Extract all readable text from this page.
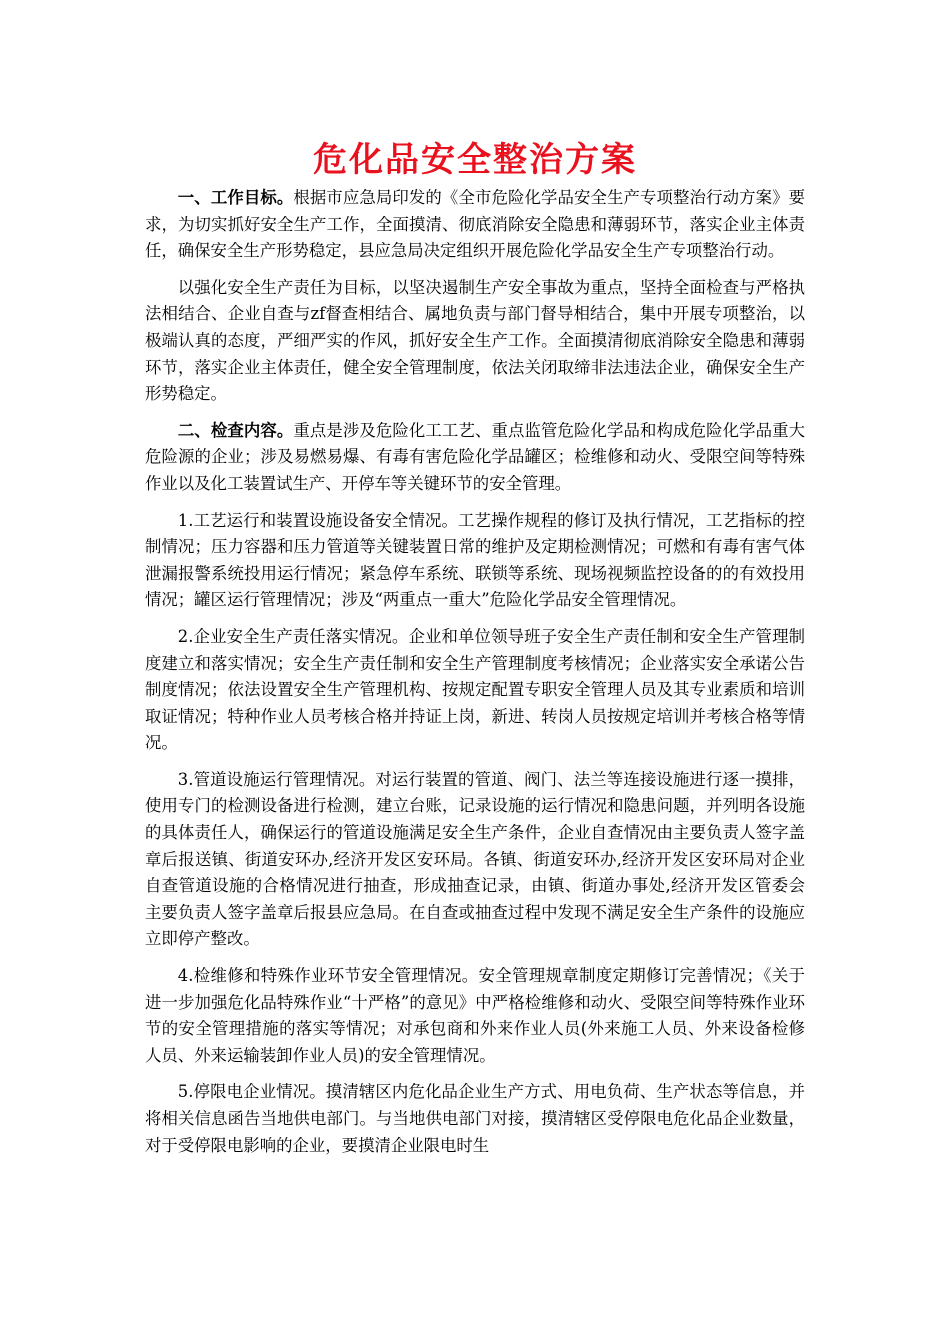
危化品安全整治方案

一、工作目标。根据市应急局印发的《全市危险化学品安全生产专项整治行动方案》要求，为切实抓好安全生产工作，全面摸清、彻底消除安全隐患和薄弱环节，落实企业主体责任，确保安全生产形势稳定，县应急局决定组织开展危险化学品安全生产专项整治行动。

以强化安全生产责任为目标，以坚决遏制生产安全事故为重点，坚持全面检查与严格执法相结合、企业自查与zf督查相结合、属地负责与部门督导相结合，集中开展专项整治，以极端认真的态度，严细严实的作风，抓好安全生产工作。全面摸清彻底消除安全隐患和薄弱环节，落实企业主体责任，健全安全管理制度，依法关闭取缔非法违法企业，确保安全生产形势稳定。

二、检查内容。重点是涉及危险化工工艺、重点监管危险化学品和构成危险化学品重大危险源的企业；涉及易燃易爆、有毒有害危险化学品罐区；检维修和动火、受限空间等特殊作业以及化工装置试生产、开停车等关键环节的安全管理。

1.工艺运行和装置设施设备安全情况。工艺操作规程的修订及执行情况，工艺指标的控制情况；压力容器和压力管道等关键装置日常的维护及定期检测情况；可燃和有毒有害气体泄漏报警系统投用运行情况；紧急停车系统、联锁等系统、现场视频监控设备的的有效投用情况；罐区运行管理情况；涉及“两重点一重大”危险化学品安全管理情况。

2.企业安全生产责任落实情况。企业和单位领导班子安全生产责任制和安全生产管理制度建立和落实情况；安全生产责任制和安全生产管理制度考核情况；企业落实安全承诺公告制度情况；依法设置安全生产管理机构、按规定配置专职安全管理人员及其专业素质和培训取证情况；特种作业人员考核合格并持证上岗，新进、转岗人员按规定培训并考核合格等情况。

3.管道设施运行管理情况。对运行装置的管道、阀门、法兰等连接设施进行逐一摸排，使用专门的检测设备进行检测，建立台账，记录设施的运行情况和隐患问题，并列明各设施的具体责任人，确保运行的管道设施满足安全生产条件，企业自查情况由主要负责人签字盖章后报送镇、街道安环办,经济开发区安环局。各镇、街道安环办,经济开发区安环局对企业自查管道设施的合格情况进行抽查，形成抽查记录，由镇、街道办事处,经济开发区管委会主要负责人签字盖章后报县应急局。在自查或抽查过程中发现不满足安全生产条件的设施应立即停产整改。

4.检维修和特殊作业环节安全管理情况。安全管理规章制度定期修订完善情况；《关于进一步加强危化品特殊作业“十严格”的意见》中严格检维修和动火、受限空间等特殊作业环节的安全管理措施的落实等情况；对承包商和外来作业人员(外来施工人员、外来设备检修人员、外来运输装卸作业人员)的安全管理情况。

5.停限电企业情况。摸清辖区内危化品企业生产方式、用电负荷、生产状态等信息，并将相关信息函告当地供电部门。与当地供电部门对接，摸清辖区受停限电危化品企业数量，对于受停限电影响的企业，要摸清企业限电时生
